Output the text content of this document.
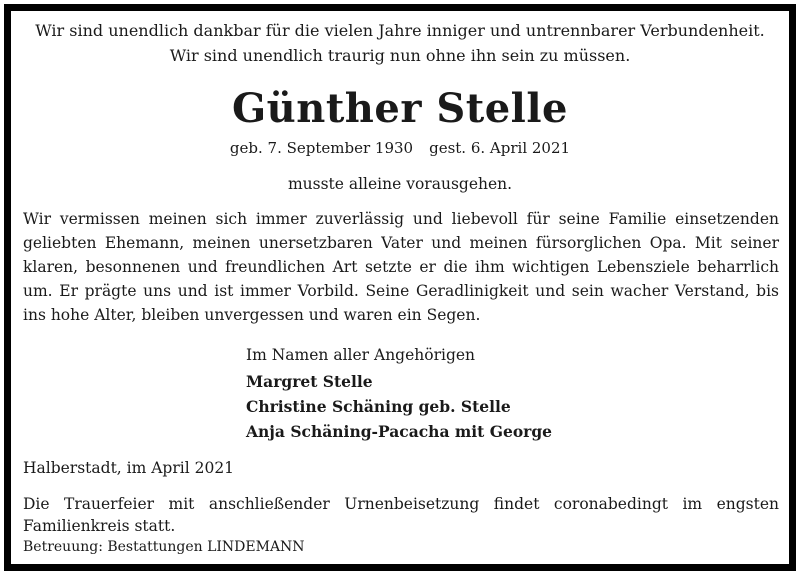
Wir sind unendlich dankbar für die vielen Jahre inniger und untrennbarer Verbundenheit.
Wir sind unendlich traurig nun ohne ihn sein zu müssen.
Günther Stelle
geb. 7. September 1930 gest. 6. April 2021
musste alleine vorausgehen.
Wir vermissen meinen sich immer zuverlässig und liebevoll für seine Familie einsetzenden geliebten Ehemann, meinen unersetzbaren Vater und meinen fürsorglichen Opa. Mit seiner klaren, besonnenen und freundlichen Art setzte er die ihm wichtigen Lebensziele beharrlich um. Er prägte uns und ist immer Vorbild. Seine Geradlinigkeit und sein wacher Verstand, bis ins hohe Alter, bleiben unvergessen und waren ein Segen.
Im Namen aller Angehörigen
Margret Stelle
Christine Schäning geb. Stelle
Anja Schäning-Pacacha mit George
Halberstadt, im April 2021
Die Trauerfeier mit anschließender Urnenbeisetzung findet coronabedingt im engsten Familienkreis statt.
Betreuung: Bestattungen LINDEMANN
